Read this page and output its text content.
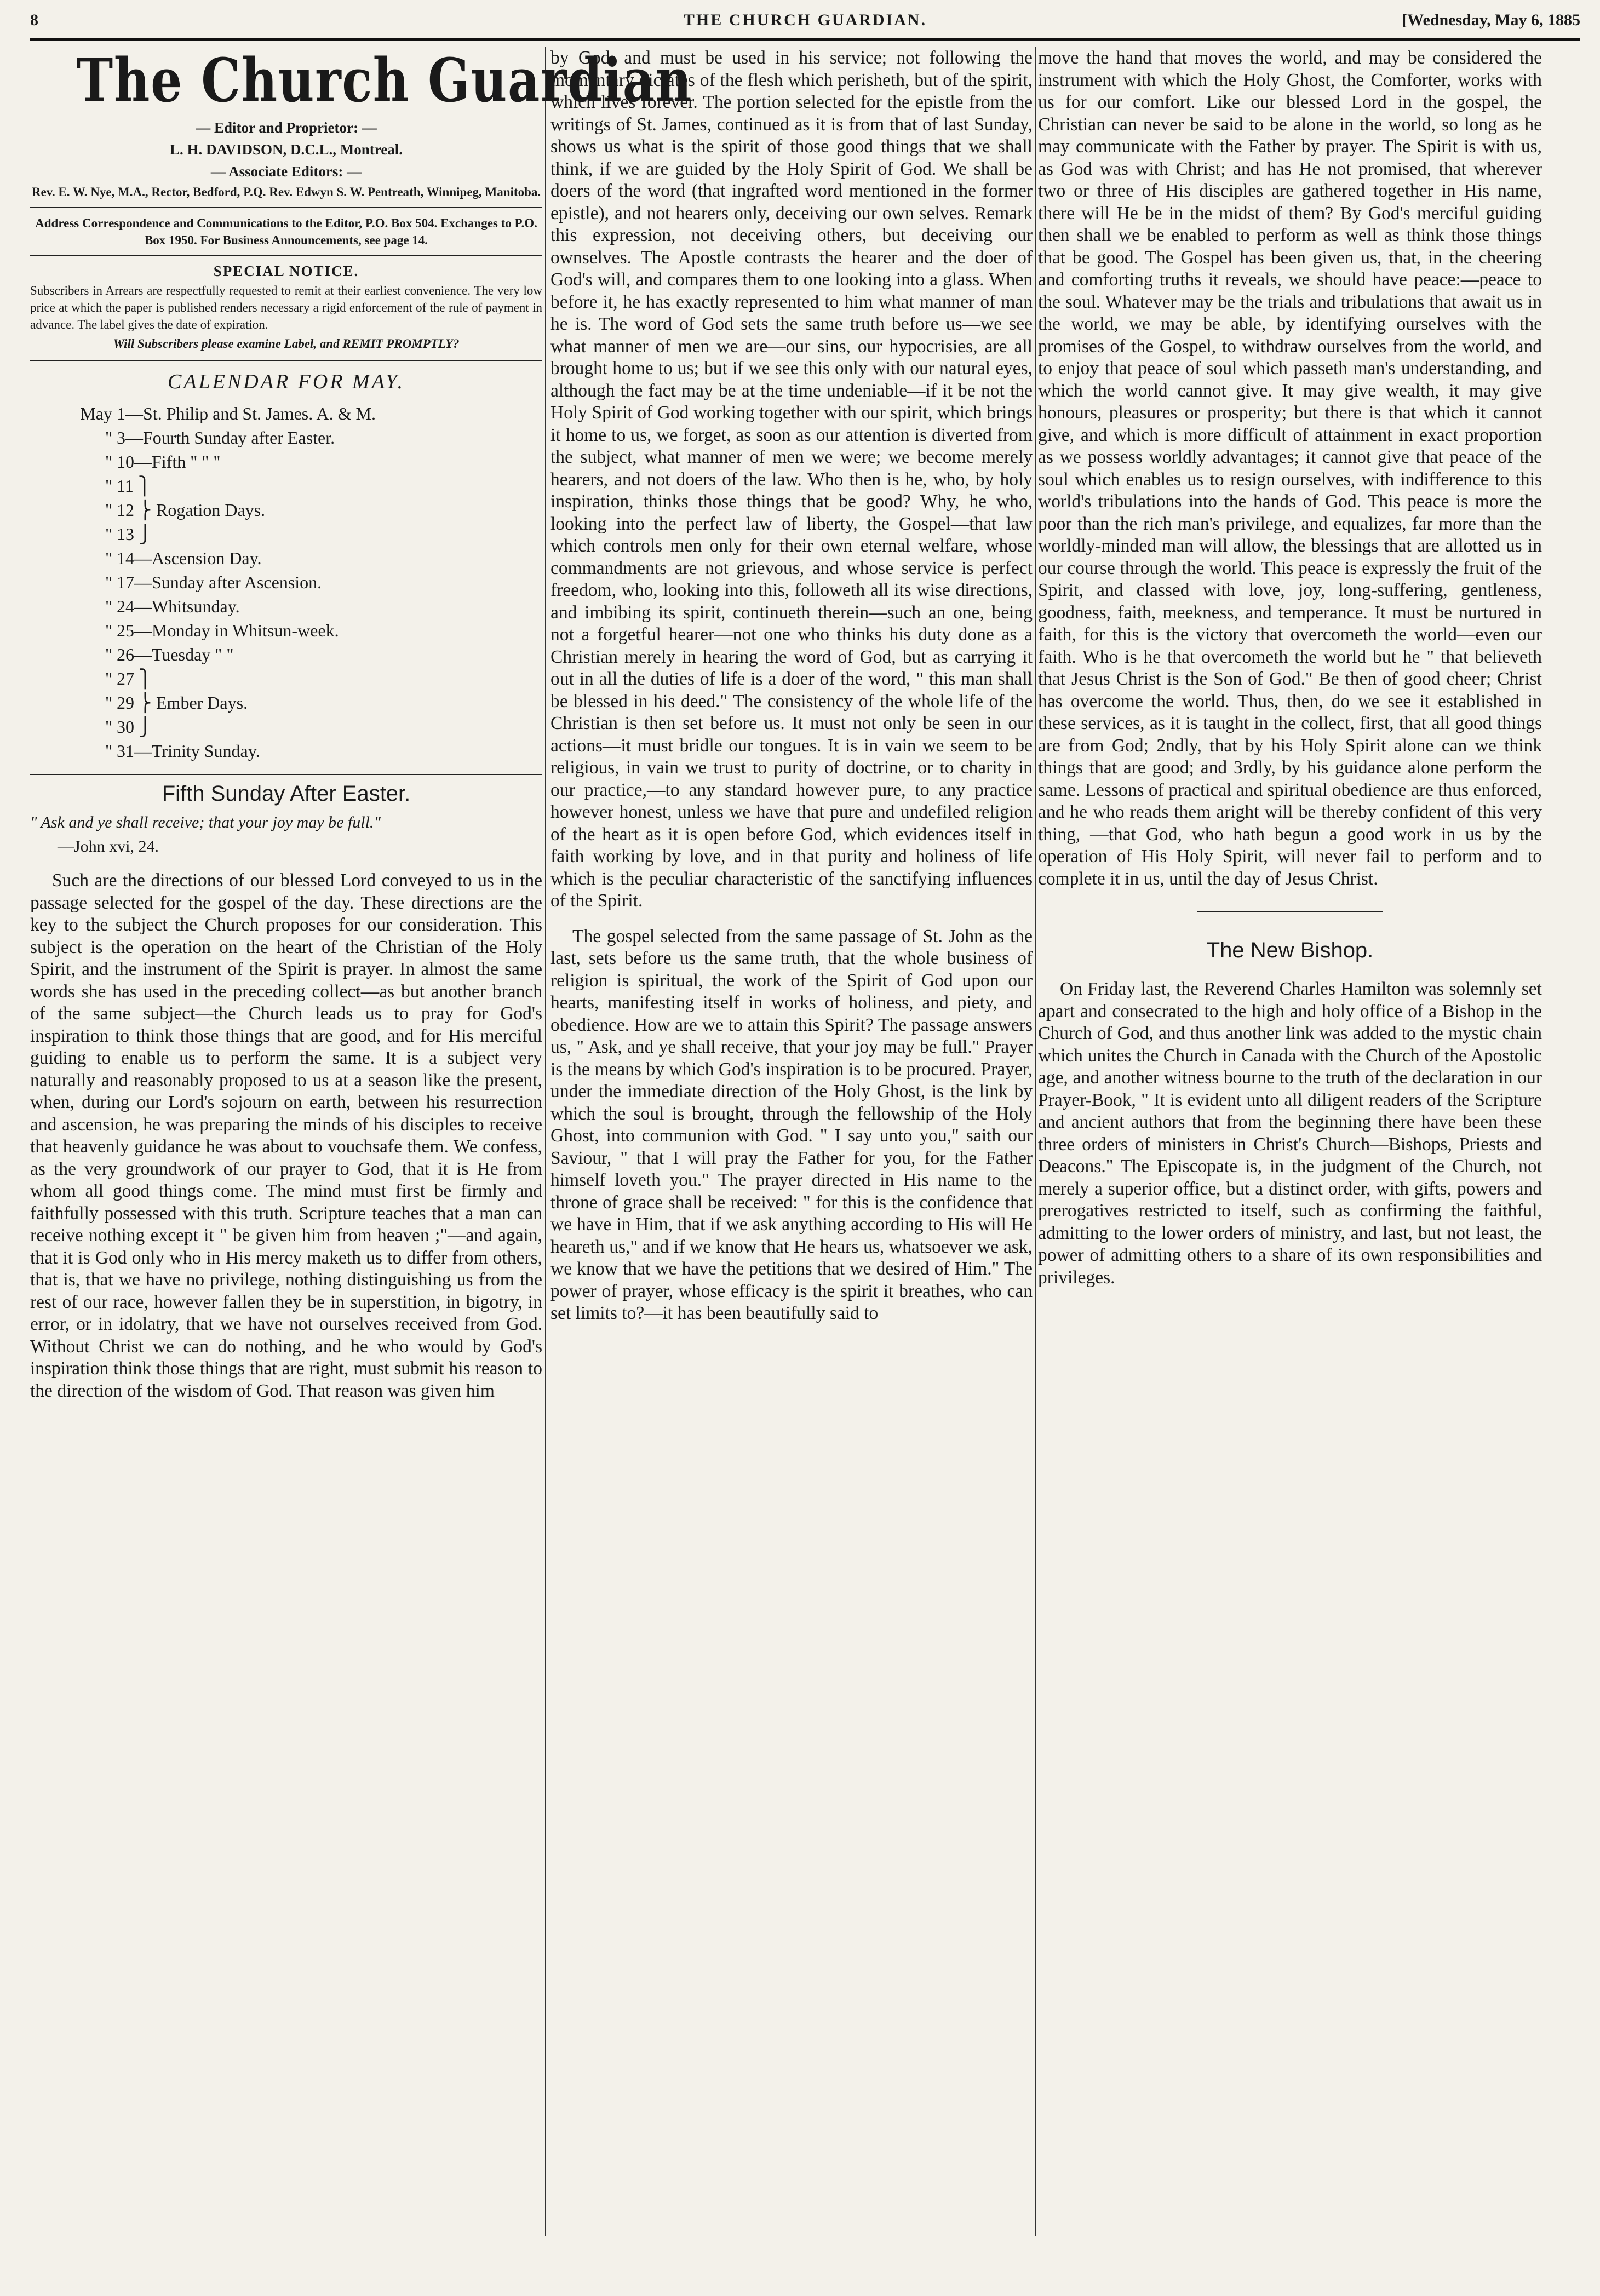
8	THE CHURCH GUARDIAN.	[Wednesday, May 6, 1885
The Church Guardian
— Editor and Proprietor: —
L. H. DAVIDSON, D.C.L., Montreal.
— Associate Editors: —
Rev. E. W. Nye, M.A., Rector, Bedford, P.Q. Rev. Edwyn S. W. Pentreath, Winnipeg, Manitoba.
Address Correspondence and Communications to the Editor, P.O. Box 504. Exchanges to P.O. Box 1950. For Business Announcements, see page 14.
SPECIAL NOTICE.
Subscribers in Arrears are respectfully requested to remit at their earliest convenience. The very low price at which the paper is published renders necessary a rigid enforcement of the rule of payment in advance. The label gives the date of expiration.
Will Subscribers please examine Label, and REMIT PROMPTLY?
CALENDAR FOR MAY.
May 1—St. Philip and St. James. A. & M.
" 3—Fourth Sunday after Easter.
" 10—Fifth " " "
" 11 ⎫
" 12 ⎬ Rogation Days.
" 13 ⎭
" 14—Ascension Day.
" 17—Sunday after Ascension.
" 24—Whitsunday.
" 25—Monday in Whitsun-week.
" 26—Tuesday " "
" 27 ⎫
" 29 ⎬ Ember Days.
" 30 ⎭
" 31—Trinity Sunday.
Fifth Sunday After Easter.
" Ask and ye shall receive; that your joy may be full."
—John xvi, 24.

Such are the directions of our blessed Lord conveyed to us in the passage selected for the gospel of the day. These directions are the key to the subject the Church proposes for our consideration. This subject is the operation on the heart of the Christian of the Holy Spirit, and the instrument of the Spirit is prayer. In almost the same words she has used in the preceding collect—as but another branch of the same subject—the Church leads us to pray for God's inspiration to think those things that are good, and for His merciful guiding to enable us to perform the same. It is a subject very naturally and reasonably proposed to us at a season like the present, when, during our Lord's sojourn on earth, between his resurrection and ascension, he was preparing the minds of his disciples to receive that heavenly guidance he was about to vouchsafe them. We confess, as the very groundwork of our prayer to God, that it is He from whom all good things come. The mind must first be firmly and faithfully possessed with this truth. Scripture teaches that a man can receive nothing except it " be given him from heaven ;"—and again, that it is God only who in His mercy maketh us to differ from others, that is, that we have no privilege, nothing distinguishing us from the rest of our race, however fallen they be in superstition, in bigotry, in error, or in idolatry, that we have not ourselves received from God. Without Christ we can do nothing, and he who would by God's inspiration think those things that are right, must submit his reason to the direction of the wisdom of God. That reason was given him

by God, and must be used in his service; not following the momentary dictates of the flesh which perisheth, but of the spirit, which lives forever. The portion selected for the epistle from the writings of St. James, continued as it is from that of last Sunday, shows us what is the spirit of those good things that we shall think, if we are guided by the Holy Spirit of God. We shall be doers of the word (that ingrafted word mentioned in the former epistle), and not hearers only, deceiving our own selves. Remark this expression, not deceiving others, but deceiving our ownselves. The Apostle contrasts the hearer and the doer of God's will, and compares them to one looking into a glass. When before it, he has exactly represented to him what manner of man he is. The word of God sets the same truth before us—we see what manner of men we are—our sins, our hypocrisies, are all brought home to us; but if we see this only with our natural eyes, although the fact may be at the time undeniable—if it be not the Holy Spirit of God working together with our spirit, which brings it home to us, we forget, as soon as our attention is diverted from the subject, what manner of men we were; we become merely hearers, and not doers of the law. Who then is he, who, by holy inspiration, thinks those things that be good? Why, he who, looking into the perfect law of liberty, the Gospel—that law which controls men only for their own eternal welfare, whose commandments are not grievous, and whose service is perfect freedom, who, looking into this, followeth all its wise directions, and imbibing its spirit, continueth therein—such an one, being not a forgetful hearer—not one who thinks his duty done as a Christian merely in hearing the word of God, but as carrying it out in all the duties of life is a doer of the word, " this man shall be blessed in his deed." The consistency of the whole life of the Christian is then set before us. It must not only be seen in our actions—it must bridle our tongues. It is in vain we seem to be religious, in vain we trust to purity of doctrine, or to charity in our practice,—to any standard however pure, to any practice however honest, unless we have that pure and undefiled religion of the heart as it is open before God, which evidences itself in faith working by love, and in that purity and holiness of life which is the peculiar characteristic of the sanctifying influences of the Spirit.

The gospel selected from the same passage of St. John as the last, sets before us the same truth, that the whole business of religion is spiritual, the work of the Spirit of God upon our hearts, manifesting itself in works of holiness, and piety, and obedience. How are we to attain this Spirit? The passage answers us, " Ask, and ye shall receive, that your joy may be full." Prayer is the means by which God's inspiration is to be procured. Prayer, under the immediate direction of the Holy Ghost, is the link by which the soul is brought, through the fellowship of the Holy Ghost, into communion with God. " I say unto you," saith our Saviour, " that I will pray the Father for you, for the Father himself loveth you." The prayer directed in His name to the throne of grace shall be received: " for this is the confidence that we have in Him, that if we ask anything according to His will He heareth us," and if we know that He hears us, whatsoever we ask, we know that we have the petitions that we desired of Him." The power of prayer, whose efficacy is the spirit it breathes, who can set limits to?—it has been beautifully said to

move the hand that moves the world, and may be considered the instrument with which the Holy Ghost, the Comforter, works with us for our comfort. Like our blessed Lord in the gospel, the Christian can never be said to be alone in the world, so long as he may communicate with the Father by prayer. The Spirit is with us, as God was with Christ; and has He not promised, that wherever two or three of His disciples are gathered together in His name, there will He be in the midst of them? By God's merciful guiding then shall we be enabled to perform as well as think those things that be good. The Gospel has been given us, that, in the cheering and comforting truths it reveals, we should have peace:—peace to the soul. Whatever may be the trials and tribulations that await us in the world, we may be able, by identifying ourselves with the promises of the Gospel, to withdraw ourselves from the world, and to enjoy that peace of soul which passeth man's understanding, and which the world cannot give. It may give wealth, it may give honours, pleasures or prosperity; but there is that which it cannot give, and which is more difficult of attainment in exact proportion as we possess worldly advantages; it cannot give that peace of the soul which enables us to resign ourselves, with indifference to this world's tribulations into the hands of God. This peace is more the poor than the rich man's privilege, and equalizes, far more than the worldly-minded man will allow, the blessings that are allotted us in our course through the world. This peace is expressly the fruit of the Spirit, and classed with love, joy, long-suffering, gentleness, goodness, faith, meekness, and temperance. It must be nurtured in faith, for this is the victory that overcometh the world—even our faith. Who is he that overcometh the world but he " that believeth that Jesus Christ is the Son of God." Be then of good cheer; Christ has overcome the world. Thus, then, do we see it established in these services, as it is taught in the collect, first, that all good things are from God; 2ndly, that by his Holy Spirit alone can we think things that are good; and 3rdly, by his guidance alone perform the same. Lessons of practical and spiritual obedience are thus enforced, and he who reads them aright will be thereby confident of this very thing, —that God, who hath begun a good work in us by the operation of His Holy Spirit, will never fail to perform and to complete it in us, until the day of Jesus Christ.

The New Bishop.

On Friday last, the Reverend Charles Hamilton was solemnly set apart and consecrated to the high and holy office of a Bishop in the Church of God, and thus another link was added to the mystic chain which unites the Church in Canada with the Church of the Apostolic age, and another witness bourne to the truth of the declaration in our Prayer-Book, " It is evident unto all diligent readers of the Scripture and ancient authors that from the beginning there have been these three orders of ministers in Christ's Church—Bishops, Priests and Deacons." The Episcopate is, in the judgment of the Church, not merely a superior office, but a distinct order, with gifts, powers and prerogatives restricted to itself, such as confirming the faithful, admitting to the lower orders of ministry, and last, but not least, the power of admitting others to a share of its own responsibilities and privileges.
